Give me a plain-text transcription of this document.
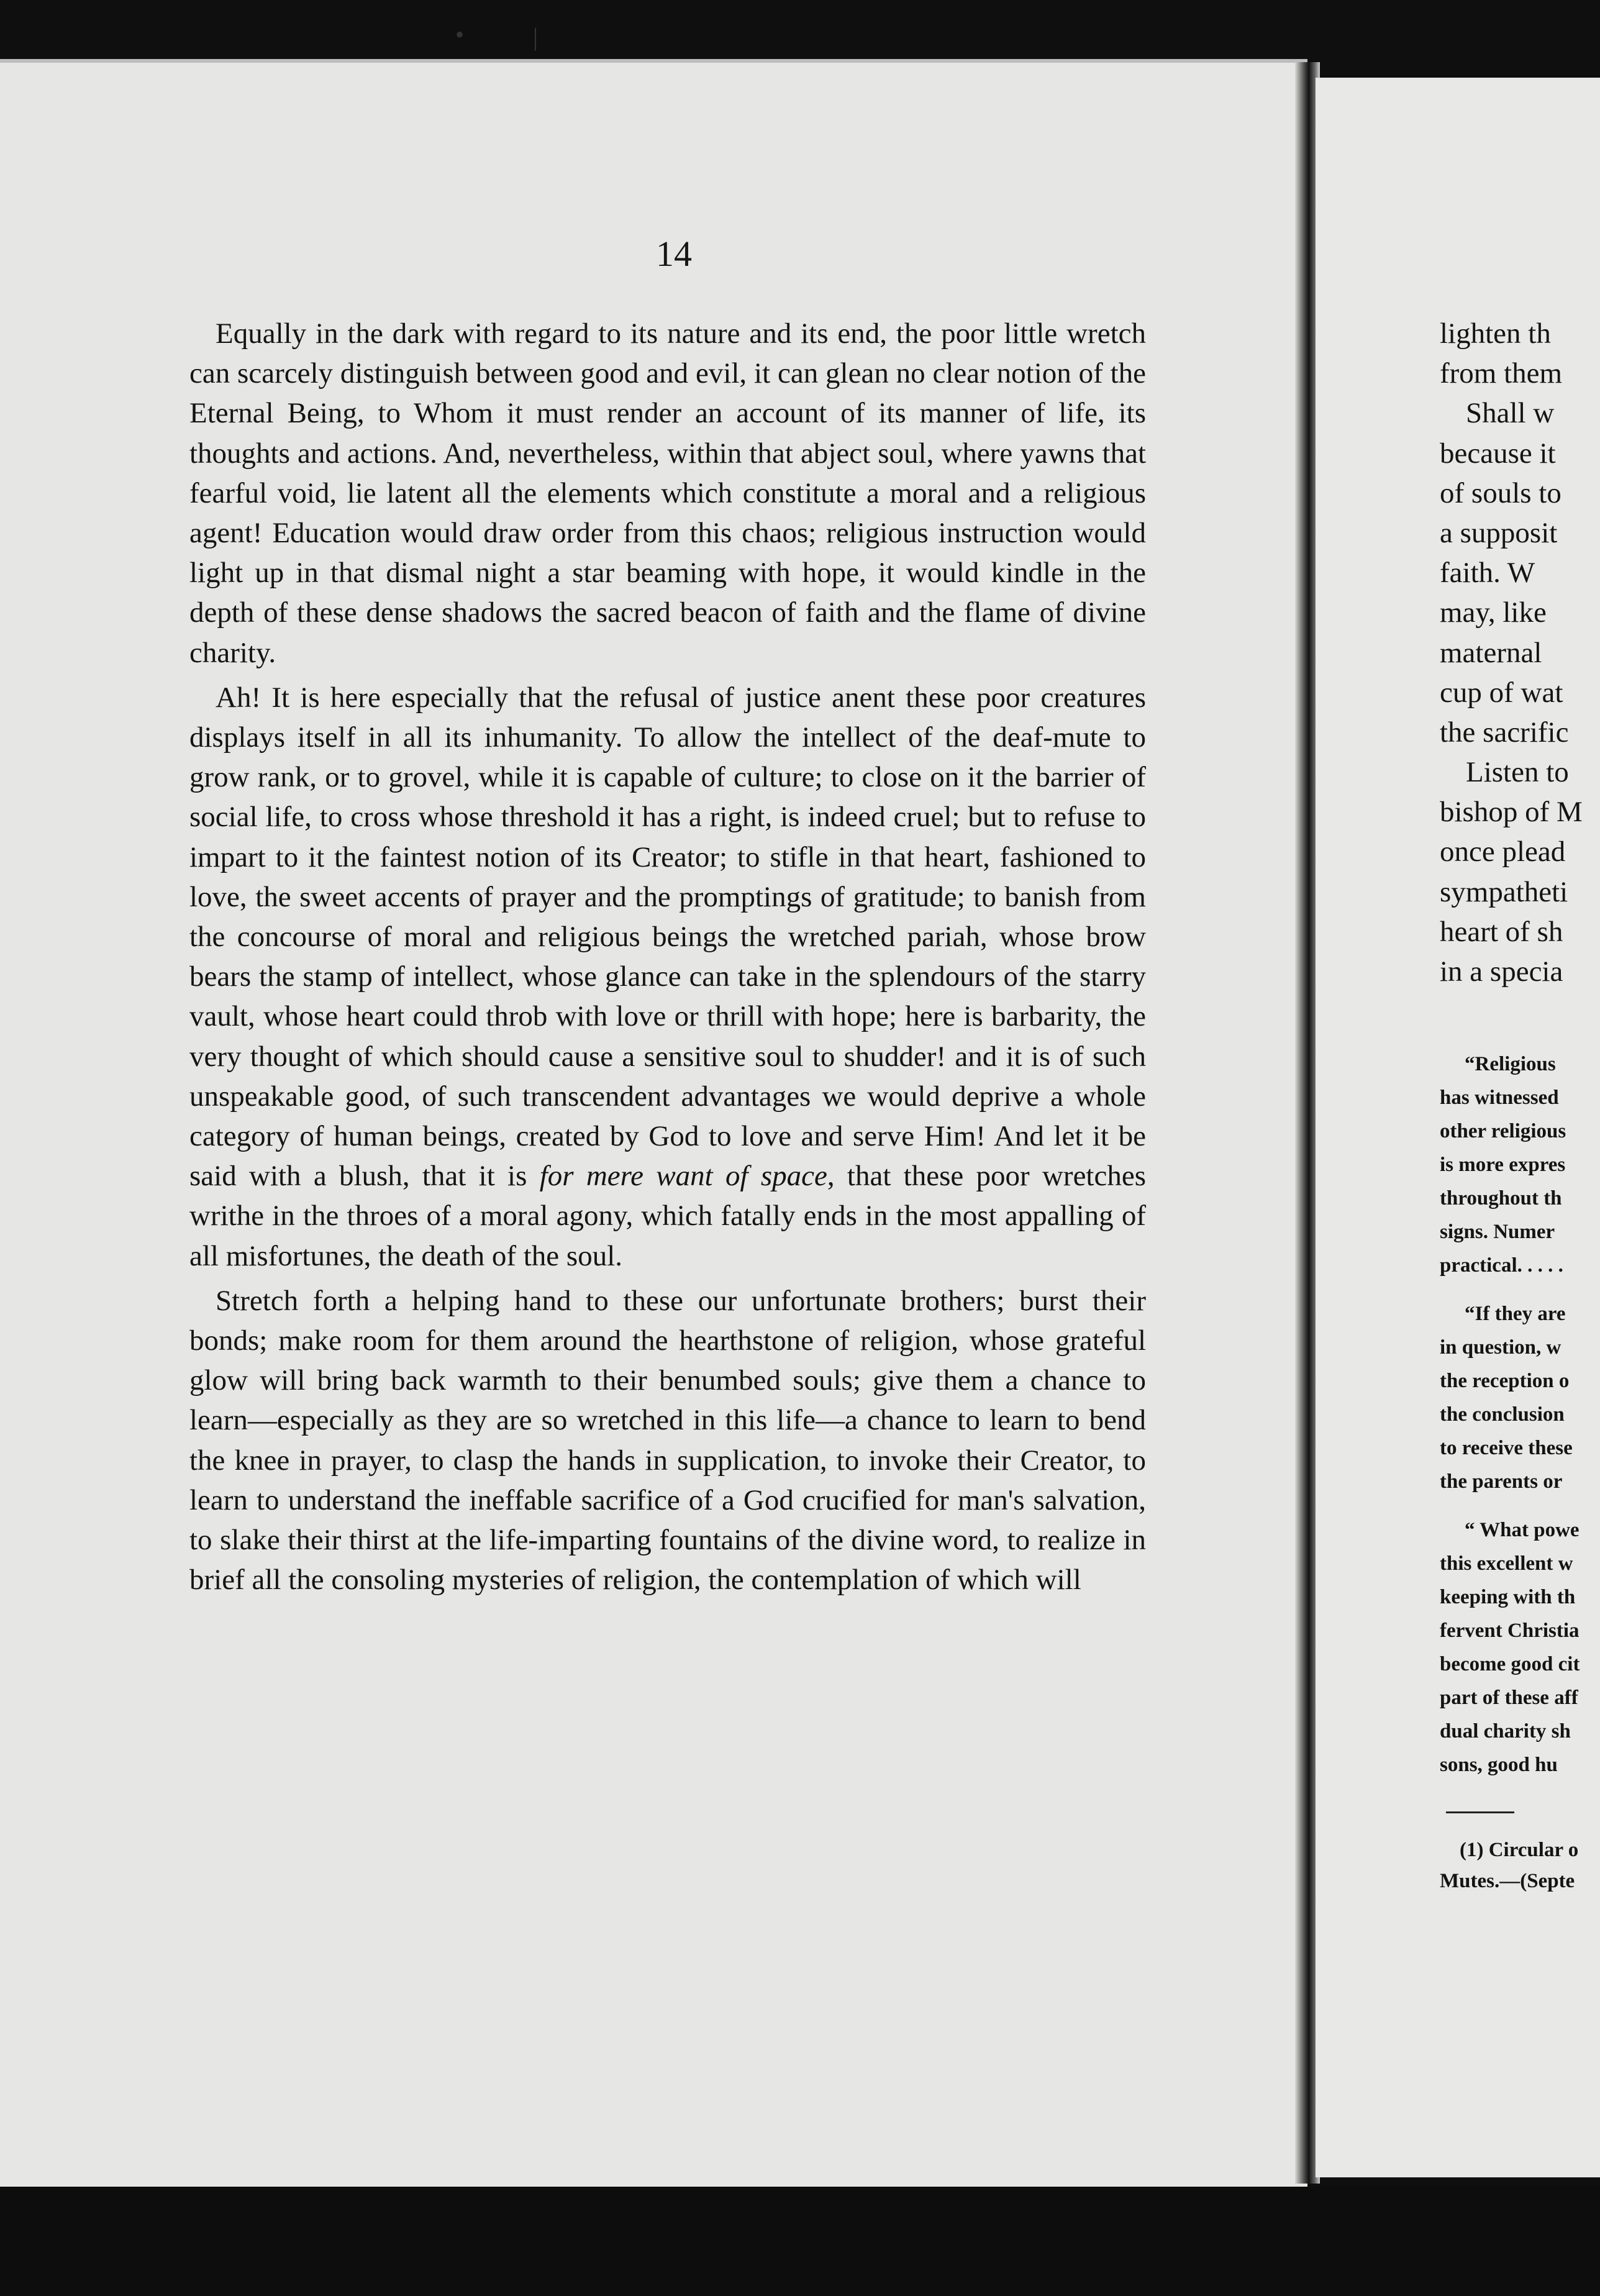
•	|
14

Equally in the dark with regard to its nature and its end, the poor little wretch can scarcely distinguish between good and evil, it can glean no clear notion of the Eternal Being, to Whom it must render an account of its manner of life, its thoughts and actions. And, nevertheless, within that abject soul, where yawns that fearful void, lie latent all the elements which constitute a moral and a religious agent! Education would draw order from this chaos; religious instruction would light up in that dismal night a star beaming with hope, it would kindle in the depth of these dense shadows the sacred beacon of faith and the flame of divine charity.

Ah! It is here especially that the refusal of justice anent these poor creatures displays itself in all its inhumanity. To allow the intellect of the deaf-mute to grow rank, or to grovel, while it is capable of culture; to close on it the barrier of social life, to cross whose threshold it has a right, is indeed cruel; but to refuse to impart to it the faintest notion of its Creator; to stifle in that heart, fashioned to love, the sweet accents of prayer and the promptings of gratitude; to banish from the concourse of moral and religious beings the wretched pariah, whose brow bears the stamp of intellect, whose glance can take in the splendours of the starry vault, whose heart could throb with love or thrill with hope; here is barbarity, the very thought of which should cause a sensitive soul to shudder! and it is of such unspeakable good, of such transcendent advantages we would deprive a whole category of human beings, created by God to love and serve Him! And let it be said with a blush, that it is for mere want of space, that these poor wretches writhe in the throes of a moral agony, which fatally ends in the most appalling of all misfortunes, the death of the soul.

Stretch forth a helping hand to these our unfortunate brothers; burst their bonds; make room for them around the hearthstone of religion, whose grateful glow will bring back warmth to their benumbed souls; give them a chance to learn—especially as they are so wretched in this life—a chance to learn to bend the knee in prayer, to clasp the hands in supplication, to invoke their Creator, to learn to understand the ineffable sacrifice of a God crucified for man's salvation, to slake their thirst at the life-imparting fountains of the divine word, to realize in brief all the consoling mysteries of religion, the contemplation of which will

lighten th
from them
Shall w
because it
of souls to
a supposit
faith. W
may, like
maternal
cup of wat
the sacrific
Listen to
bishop of M
once plead
sympatheti
heart of sh
in a specia
“Religious
has witnessed
other religious
is more expres
throughout th
signs. Numer
practical. . . . .
“If they are
in question, w
the reception o
the conclusion
to receive these
the parents or
“ What powe
this excellent w
keeping with th
fervent Christia
become good cit
part of these aff
dual charity sh
sons, good hu
(1) Circular o
Mutes.—(Septe
